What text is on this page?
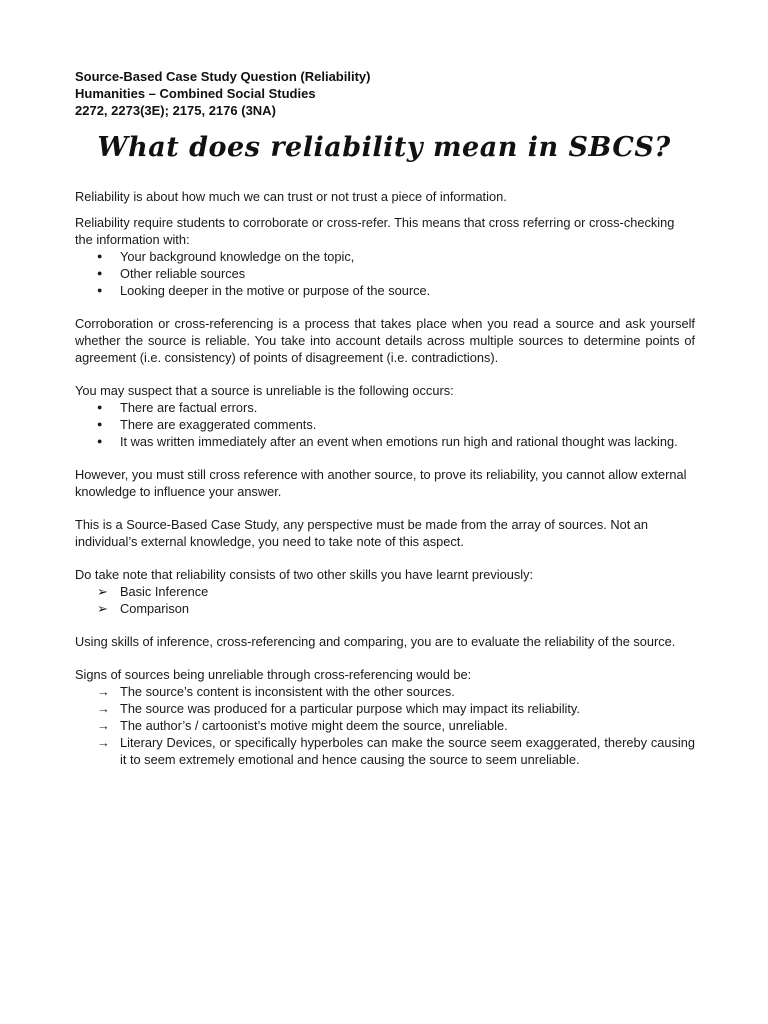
Source-Based Case Study Question (Reliability)
Humanities – Combined Social Studies
2272, 2273(3E); 2175, 2176 (3NA)
What does reliability mean in SBCS?

Reliability is about how much we can trust or not trust a piece of information.

Reliability require students to corroborate or cross-refer. This means that cross referring or cross-checking the information with:

● Your background knowledge on the topic,
● Other reliable sources
● Looking deeper in the motive or purpose of the source.

Corroboration or cross-referencing is a process that takes place when you read a source and ask yourself whether the source is reliable. You take into account details across multiple sources to determine points of agreement (i.e. consistency) of points of disagreement (i.e. contradictions).

You may suspect that a source is unreliable is the following occurs:

● There are factual errors.
● There are exaggerated comments.
● It was written immediately after an event when emotions run high and rational thought was lacking.

However, you must still cross reference with another source, to prove its reliability, you cannot allow external knowledge to influence your answer.

This is a Source-Based Case Study, any perspective must be made from the array of sources. Not an individual’s external knowledge, you need to take note of this aspect.

Do take note that reliability consists of two other skills you have learnt previously:

➢ Basic Inference
➢ Comparison

Using skills of inference, cross-referencing and comparing, you are to evaluate the reliability of the source.

Signs of sources being unreliable through cross-referencing would be:

→ The source’s content is inconsistent with the other sources.
→ The source was produced for a particular purpose which may impact its reliability.
→ The author’s / cartoonist’s motive might deem the source, unreliable.
→ Literary Devices, or specifically hyperboles can make the source seem exaggerated, thereby causing it to seem extremely emotional and hence causing the source to seem unreliable.
